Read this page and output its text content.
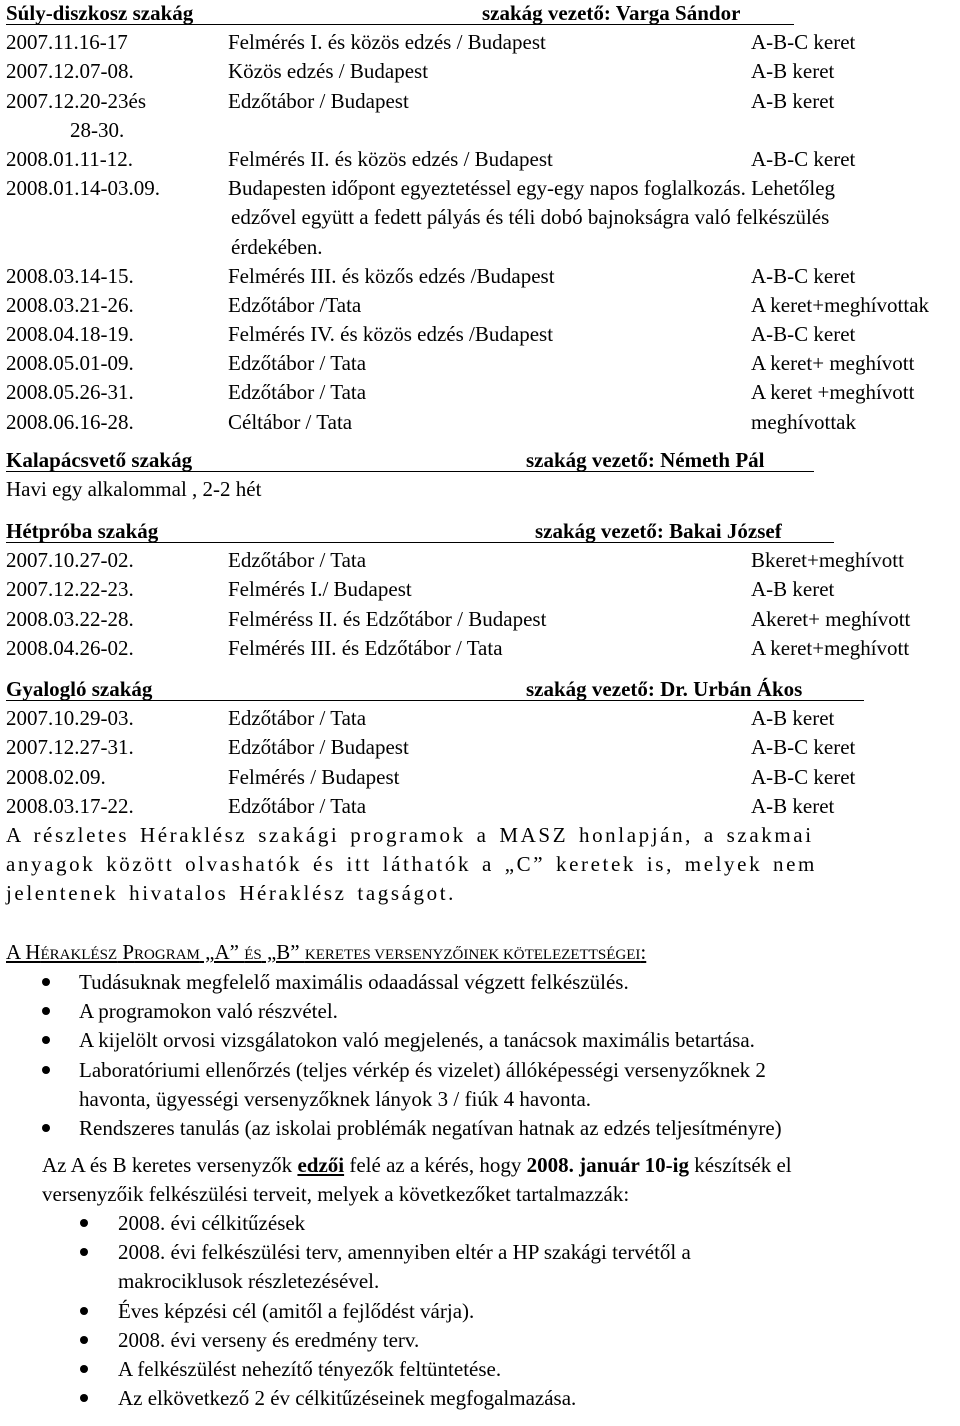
Súly-diszkosz szakág	szakág vezető: Varga Sándor
2007.11.16-17	Felmérés I. és közös edzés / Budapest	A-B-C keret
2007.12.07-08.	Közös edzés / Budapest	A-B keret
2007.12.20-23és	Edzőtábor / Budapest	A-B keret
28-30.
2008.01.11-12.	Felmérés II. és közös edzés / Budapest	A-B-C keret
2008.01.14-03.09.	Budapesten időpont egyeztetéssel egy-egy napos foglalkozás. Lehetőleg
edzővel együtt a fedett pályás és téli dobó bajnokságra való felkészülés
érdekében.
2008.03.14-15.	Felmérés III. és közős edzés /Budapest	A-B-C keret
2008.03.21-26.	Edzőtábor /Tata	A keret+meghívottak
2008.04.18-19.	Felmérés IV. és közös edzés /Budapest	A-B-C keret
2008.05.01-09.	Edzőtábor / Tata	A keret+ meghívott
2008.05.26-31.	Edzőtábor / Tata	A keret +meghívott
2008.06.16-28.	Céltábor / Tata	meghívottak
Kalapácsvető szakág	szakág vezető: Németh Pál
Havi egy alkalommal , 2-2 hét
Hétpróba szakág	szakág vezető: Bakai József
2007.10.27-02.	Edzőtábor / Tata	Bkeret+meghívott
2007.12.22-23.	Felmérés I./ Budapest	A-B keret
2008.03.22-28.	Felméréss II. és Edzőtábor / Budapest	Akeret+ meghívott
2008.04.26-02.	Felmérés III. és Edzőtábor / Tata	A keret+meghívott
Gyalogló szakág	szakág vezető: Dr. Urbán Ákos
2007.10.29-03.	Edzőtábor / Tata	A-B keret
2007.12.27-31.	Edzőtábor / Budapest	A-B-C keret
2008.02.09.	Felmérés / Budapest	A-B-C keret
2008.03.17-22.	Edzőtábor / Tata	A-B keret
A részletes Héraklész szakági programok a MASZ honlapján, a szakmai
anyagok között olvashatók és itt láthatók a „C” keretek is, melyek nem
jelentenek hivatalos Héraklész tagságot.
A HÉRAKLÉSZ PROGRAM „A” ÉS „B” KERETES VERSENYZŐINEK KÖTELEZETTSÉGEI:
Tudásuknak megfelelő maximális odaadással végzett felkészülés.
A programokon való részvétel.
A kijelölt orvosi vizsgálatokon való megjelenés, a tanácsok maximális betartása.
Laboratóriumi ellenőrzés (teljes vérkép és vizelet) állóképességi versenyzőknek 2
havonta, ügyességi versenyzőknek lányok 3 / fiúk 4 havonta.
Rendszeres tanulás (az iskolai problémák negatívan hatnak az edzés teljesítményre)
Az A és B keretes versenyzők edzői felé az a kérés, hogy 2008. január 10-ig készítsék el
versenyzőik felkészülési terveit, melyek a következőket tartalmazzák:
2008. évi célkitűzések
2008. évi felkészülési terv, amennyiben eltér a HP szakági tervétől a
makrociklusok részletezésével.
Éves képzési cél (amitől a fejlődést várja).
2008. évi verseny és eredmény terv.
A felkészülést nehezítő tényezők feltüntetése.
Az elkövetkező 2 év célkitűzéseinek megfogalmazása.
